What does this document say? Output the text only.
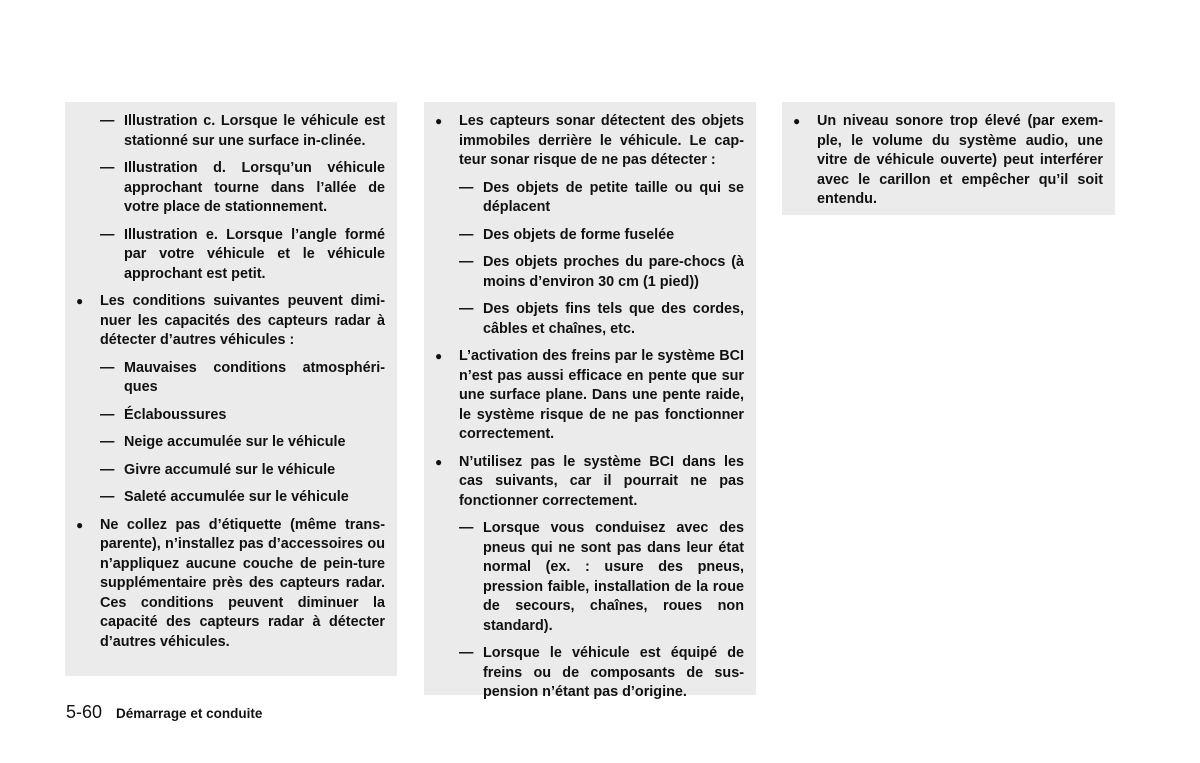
— Illustration c. Lorsque le véhicule est stationné sur une surface in-clinée.
— Illustration d. Lorsqu’un véhicule approchant tourne dans l’allée de votre place de stationnement.
— Illustration e. Lorsque l’angle formé par votre véhicule et le véhicule approchant est petit.
● Les conditions suivantes peuvent dimi-nuer les capacités des capteurs radar à détecter d’autres véhicules :
— Mauvaises conditions atmosphéri-ques
— Éclaboussures
— Neige accumulée sur le véhicule
— Givre accumulé sur le véhicule
— Saleté accumulée sur le véhicule
● Ne collez pas d’étiquette (même trans-parente), n’installez pas d’accessoires ou n’appliquez aucune couche de pein-ture supplémentaire près des capteurs radar. Ces conditions peuvent diminuer la capacité des capteurs radar à détecter d’autres véhicules.
● Les capteurs sonar détectent des objets immobiles derrière le véhicule. Le cap-teur sonar risque de ne pas détecter :
— Des objets de petite taille ou qui se déplacent
— Des objets de forme fuselée
— Des objets proches du pare-chocs (à moins d’environ 30 cm (1 pied))
— Des objets fins tels que des cordes, câbles et chaînes, etc.
● L’activation des freins par le système BCI n’est pas aussi efficace en pente que sur une surface plane. Dans une pente raide, le système risque de ne pas fonctionner correctement.
● N’utilisez pas le système BCI dans les cas suivants, car il pourrait ne pas fonctionner correctement.
— Lorsque vous conduisez avec des pneus qui ne sont pas dans leur état normal (ex. : usure des pneus, pression faible, installation de la roue de secours, chaînes, roues non standard).
— Lorsque le véhicule est équipé de freins ou de composants de sus-pension n’étant pas d’origine.
● Un niveau sonore trop élevé (par exem-ple, le volume du système audio, une vitre de véhicule ouverte) peut interférer avec le carillon et empêcher qu’il soit entendu.
5-60 Démarrage et conduite
